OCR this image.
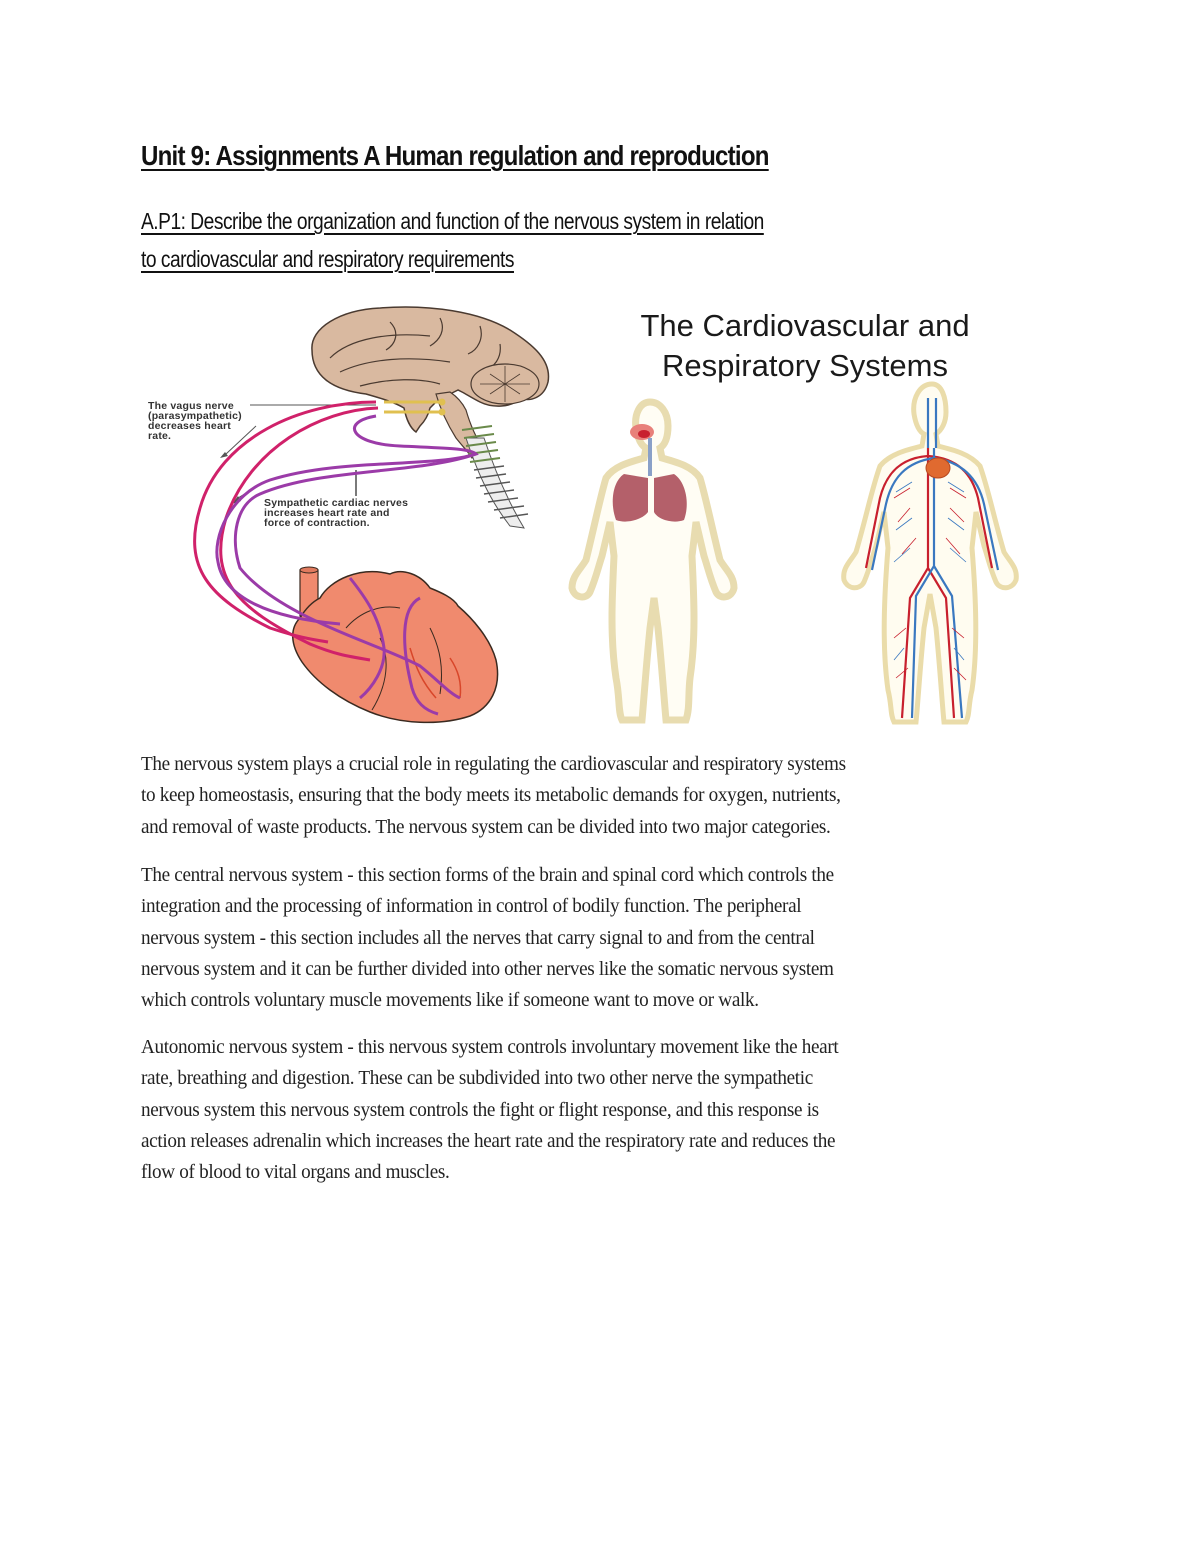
Unit 9: Assignments A Human regulation and reproduction
A.P1: Describe the organization and function of the nervous system in relation
to cardiovascular and respiratory requirements
The vagus nerve
(parasympathetic)
decreases heart
rate.
Sympathetic cardiac nerves
increases heart rate and
force of contraction.
The Cardiovascular and
Respiratory Systems
The nervous system plays a crucial role in regulating the cardiovascular and respiratory systems
to keep homeostasis, ensuring that the body meets its metabolic demands for oxygen, nutrients,
and removal of waste products. The nervous system can be divided into two major categories.
The central nervous system - this section forms of the brain and spinal cord which controls the
integration and the processing of information in control of bodily function. The peripheral
nervous system - this section includes all the nerves that carry signal to and from the central
nervous system and it can be further divided into other nerves like the somatic nervous system
which controls voluntary muscle movements like if someone want to move or walk.
Autonomic nervous system - this nervous system controls involuntary movement like the heart
rate, breathing and digestion. These can be subdivided into two other nerve the sympathetic
nervous system this nervous system controls the fight or flight response, and this response is
action releases adrenalin which increases the heart rate and the respiratory rate and reduces the
flow of blood to vital organs and muscles.
